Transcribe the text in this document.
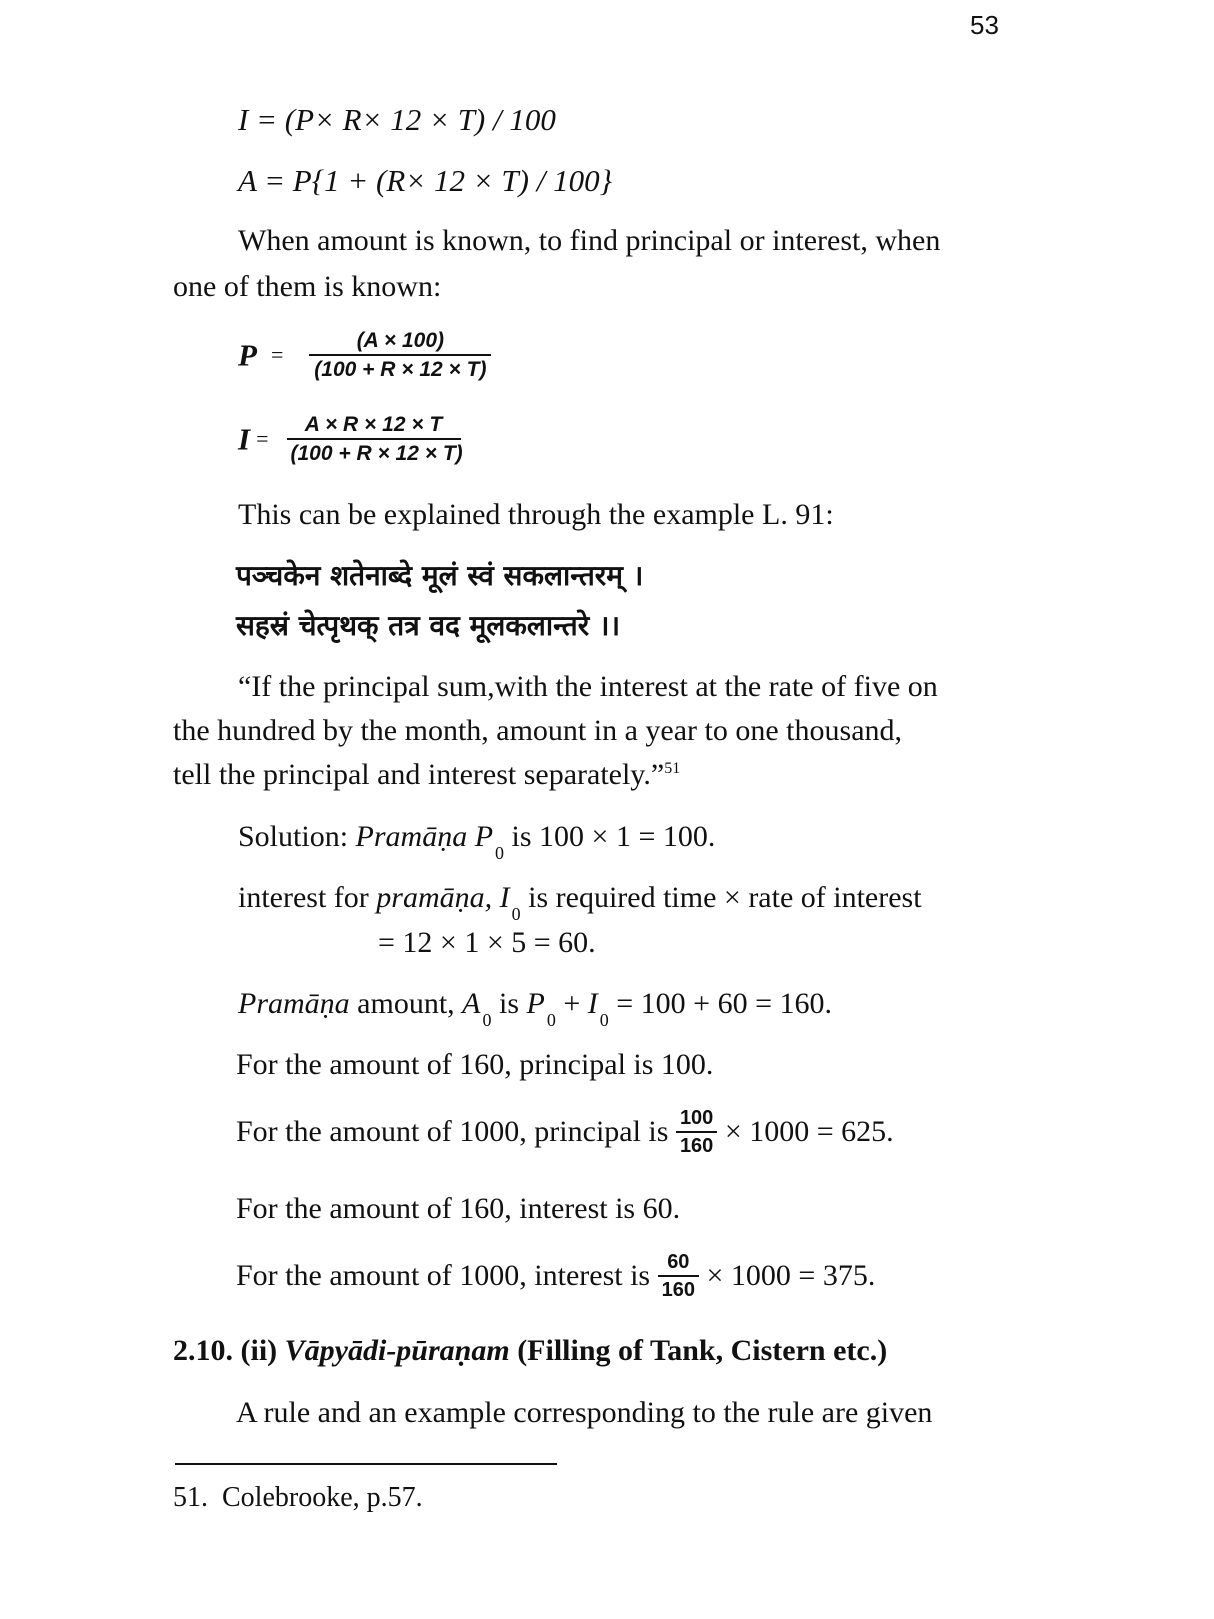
53
I = (P× R× 12 × T) / 100
A = P{1 + (R× 12 × T) / 100}
When amount is known, to find principal or interest, when
one of them is known:
$P = \frac{(A \times 100)}{(100 + R \times 12 \times T)}$
$I = \frac{A \times R \times 12 \times T}{(100 + R \times 12 \times T)}$
This can be explained through the example L. 91:
पञ्चकेन शतेनाब्दे मूलं स्वं सकलान्तरम् ।
सहस्रं चेत्पृथक् तत्र वद मूलकलान्तरे ।।
“If the principal sum,with the interest at the rate of five on
the hundred by the month, amount in a year to one thousand,
tell the principal and interest separately.”$^{51}$
Solution: Pramāṇa P $_0$ is 100 × 1 = 100.
interest for pramāṇa, I $_0$ is required time × rate of interest
= 12 × 1 × 5 = 60.
Pramāṇa amount, A $_0$ is P $_0$ + I $_0$ = 100 + 60 = 160.
For the amount of 160, principal is 100.
For the amount of 1000, principal is $\frac{100}{160} \times 1000 = 625$.
For the amount of 160, interest is 60.
For the amount of 1000, interest is $\frac{60}{160} \times 1000 = 375$.
2.10. (ii) Vāpyādi-pūraṇam (Filling of Tank, Cistern etc.)
A rule and an example corresponding to the rule are given
51.  Colebrooke, p.57.
